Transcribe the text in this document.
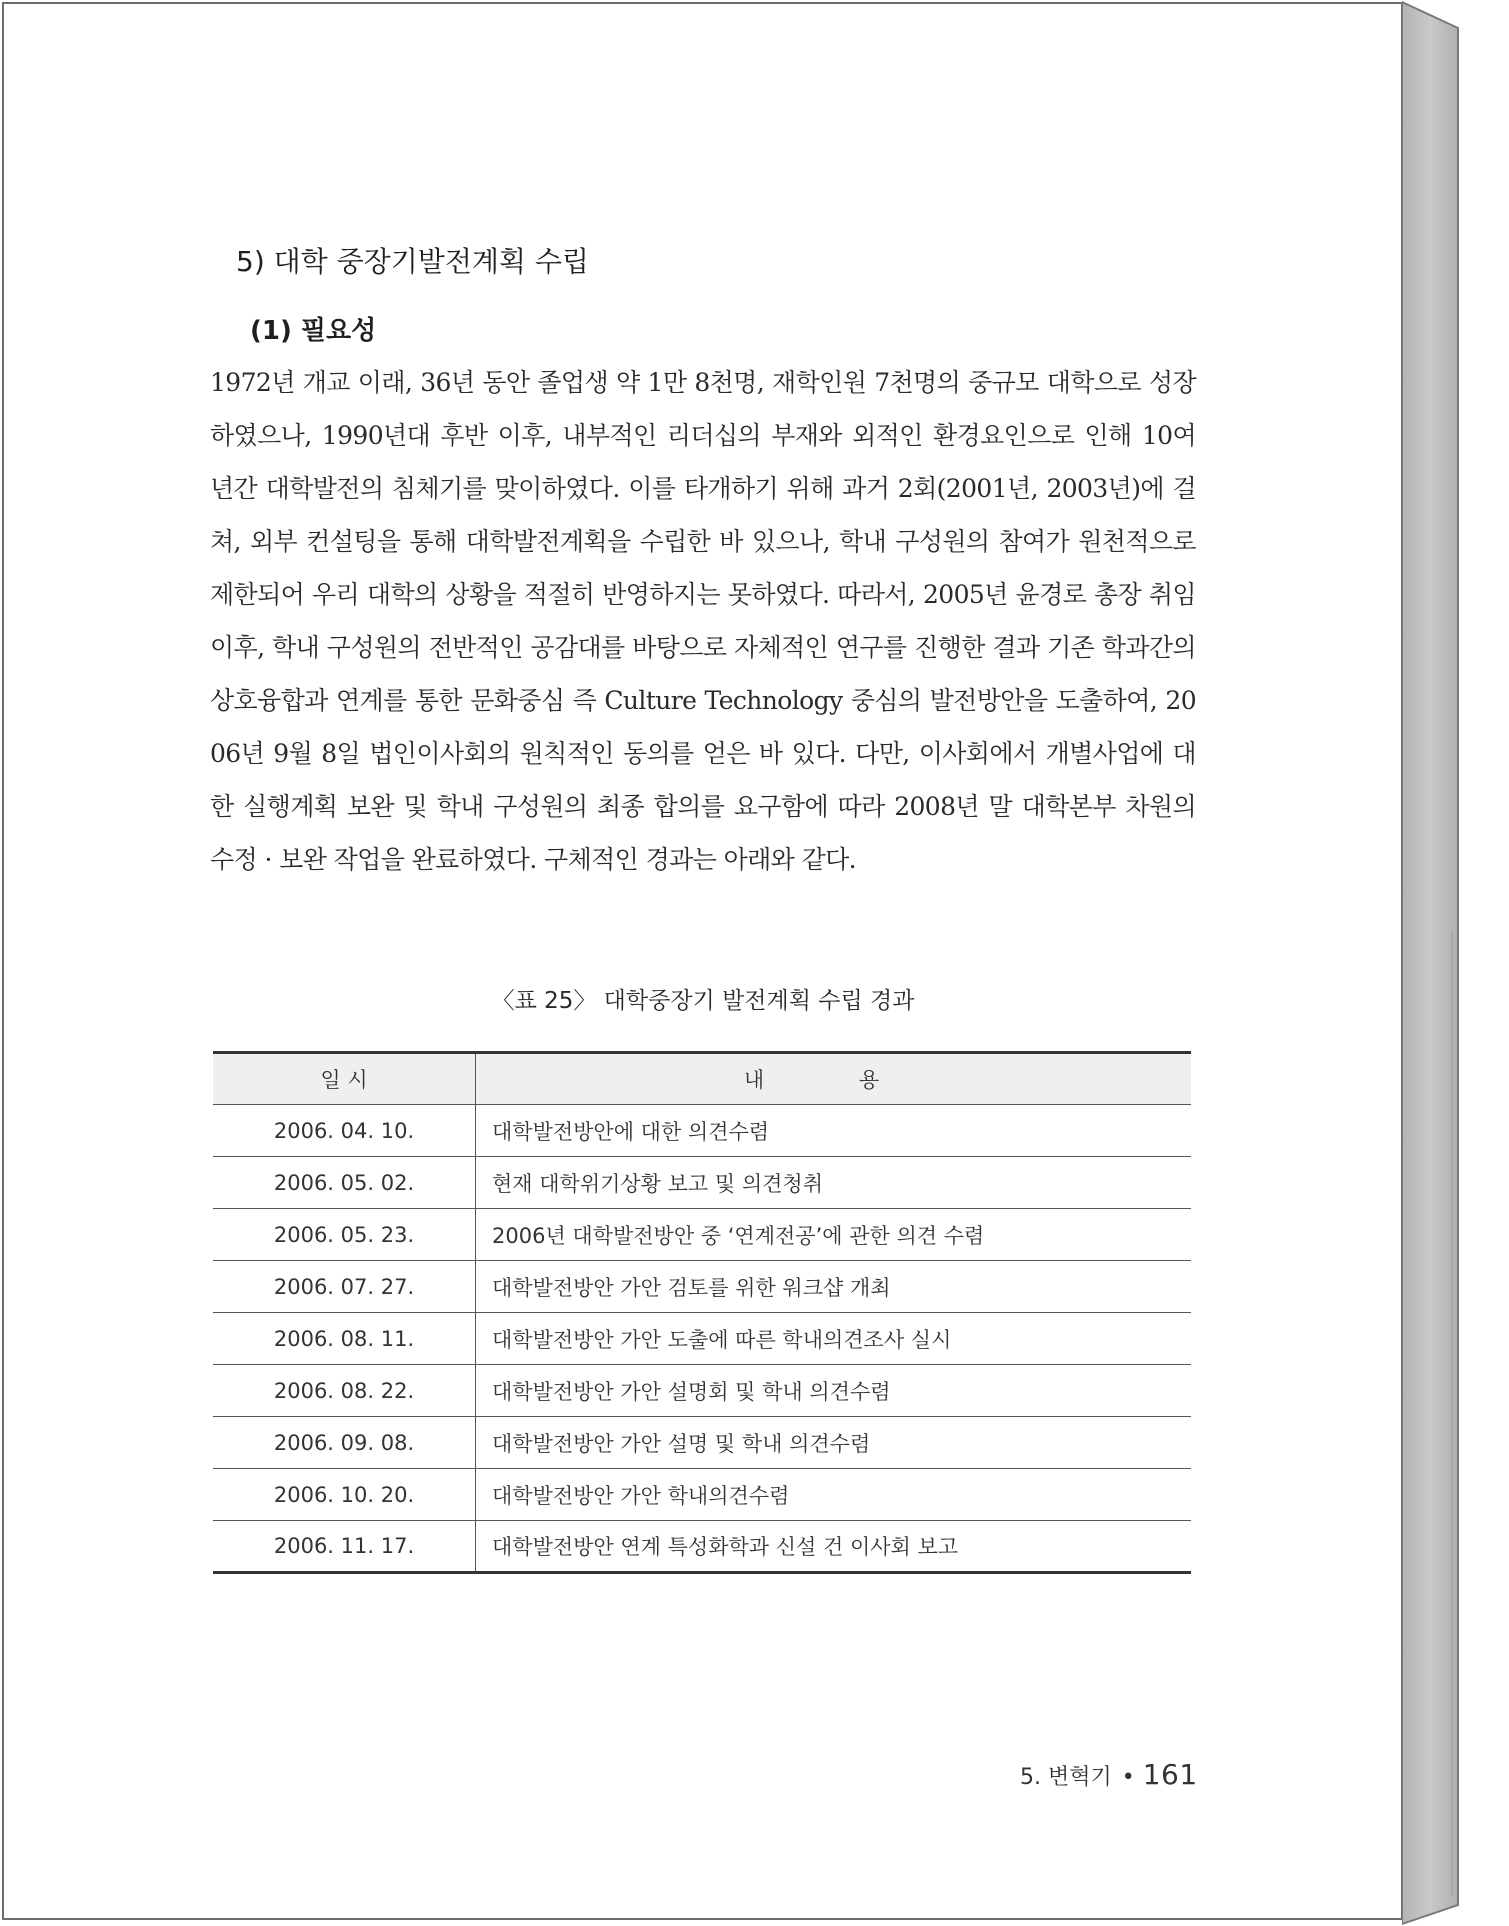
5) 대학 중장기발전계획 수립
(1) 필요성

1972년 개교 이래, 36년 동안 졸업생 약 1만 8천명, 재학인원 7천명의 중규모 대학으로 성장하였으나, 1990년대 후반 이후, 내부적인 리더십의 부재와 외적인 환경요인으로 인해 10여 년간 대학발전의 침체기를 맞이하였다. 이를 타개하기 위해 과거 2회(2001년, 2003년)에 걸쳐, 외부 컨설팅을 통해 대학발전계획을 수립한 바 있으나, 학내 구성원의 참여가 원천적으로 제한되어 우리 대학의 상황을 적절히 반영하지는 못하였다. 따라서, 2005년 윤경로 총장 취임 이후, 학내 구성원의 전반적인 공감대를 바탕으로 자체적인 연구를 진행한 결과 기존 학과간의 상호융합과 연계를 통한 문화중심 즉 Culture Technology 중심의 발전방안을 도출하여, 2006년 9월 8일 법인이사회의 원칙적인 동의를 얻은 바 있다. 다만, 이사회에서 개별사업에 대한 실행계획 보완 및 학내 구성원의 최종 합의를 요구함에 따라 2008년 말 대학본부 차원의 수정 · 보완 작업을 완료하였다. 구체적인 경과는 아래와 같다.

〈표 25〉 대학중장기 발전계획 수립 경과
일 시	내 용
2006. 04. 10.	대학발전방안에 대한 의견수렴
2006. 05. 02.	현재 대학위기상황 보고 및 의견청취
2006. 05. 23.	2006년 대학발전방안 중 ‘연계전공’에 관한 의견 수렴
2006. 07. 27.	대학발전방안 가안 검토를 위한 워크샵 개최
2006. 08. 11.	대학발전방안 가안 도출에 따른 학내의견조사 실시
2006. 08. 22.	대학발전방안 가안 설명회 및 학내 의견수렴
2006. 09. 08.	대학발전방안 가안 설명 및 학내 의견수렴
2006. 10. 20.	대학발전방안 가안 학내의견수렴
2006. 11. 17.	대학발전방안 연계 특성화학과 신설 건 이사회 보고
5. 변혁기 • 161
